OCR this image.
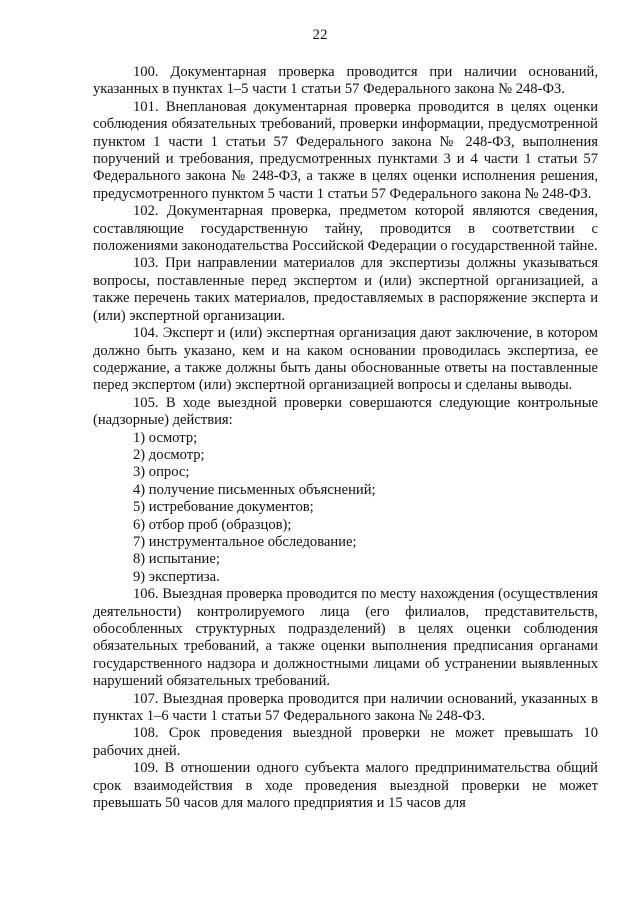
22

100. Документарная проверка проводится при наличии оснований, указанных в пунктах 1–5 части 1 статьи 57 Федерального закона № 248-ФЗ.

101. Внеплановая документарная проверка проводится в целях оценки соблюдения обязательных требований, проверки информации, предусмотренной пунктом 1 части 1 статьи 57 Федерального закона № 248-ФЗ, выполнения поручений и требования, предусмотренных пунктами 3 и 4 части 1 статьи 57 Федерального закона № 248-ФЗ, а также в целях оценки исполнения решения, предусмотренного пунктом 5 части 1 статьи 57 Федерального закона № 248-ФЗ.

102. Документарная проверка, предметом которой являются сведения, составляющие государственную тайну, проводится в соответствии с положениями законодательства Российской Федерации о государственной тайне.

103. При направлении материалов для экспертизы должны указываться вопросы, поставленные перед экспертом и (или) экспертной организацией, а также перечень таких материалов, предоставляемых в распоряжение эксперта и (или) экспертной организации.

104. Эксперт и (или) экспертная организация дают заключение, в котором должно быть указано, кем и на каком основании проводилась экспертиза, ее содержание, а также должны быть даны обоснованные ответы на поставленные перед экспертом (или) экспертной организацией вопросы и сделаны выводы.

105. В ходе выездной проверки совершаются следующие контрольные (надзорные) действия:

1) осмотр;

2) досмотр;

3) опрос;

4) получение письменных объяснений;

5) истребование документов;

6) отбор проб (образцов);

7) инструментальное обследование;

8) испытание;

9) экспертиза.

106. Выездная проверка проводится по месту нахождения (осуществления деятельности) контролируемого лица (его филиалов, представительств, обособленных структурных подразделений) в целях оценки соблюдения обязательных требований, а также оценки выполнения предписания органами государственного надзора и должностными лицами об устранении выявленных нарушений обязательных требований.

107. Выездная проверка проводится при наличии оснований, указанных в пунктах 1–6 части 1 статьи 57 Федерального закона № 248-ФЗ.

108. Срок проведения выездной проверки не может превышать 10 рабочих дней.

109. В отношении одного субъекта малого предпринимательства общий срок взаимодействия в ходе проведения выездной проверки не может превышать 50 часов для малого предприятия и 15 часов для
